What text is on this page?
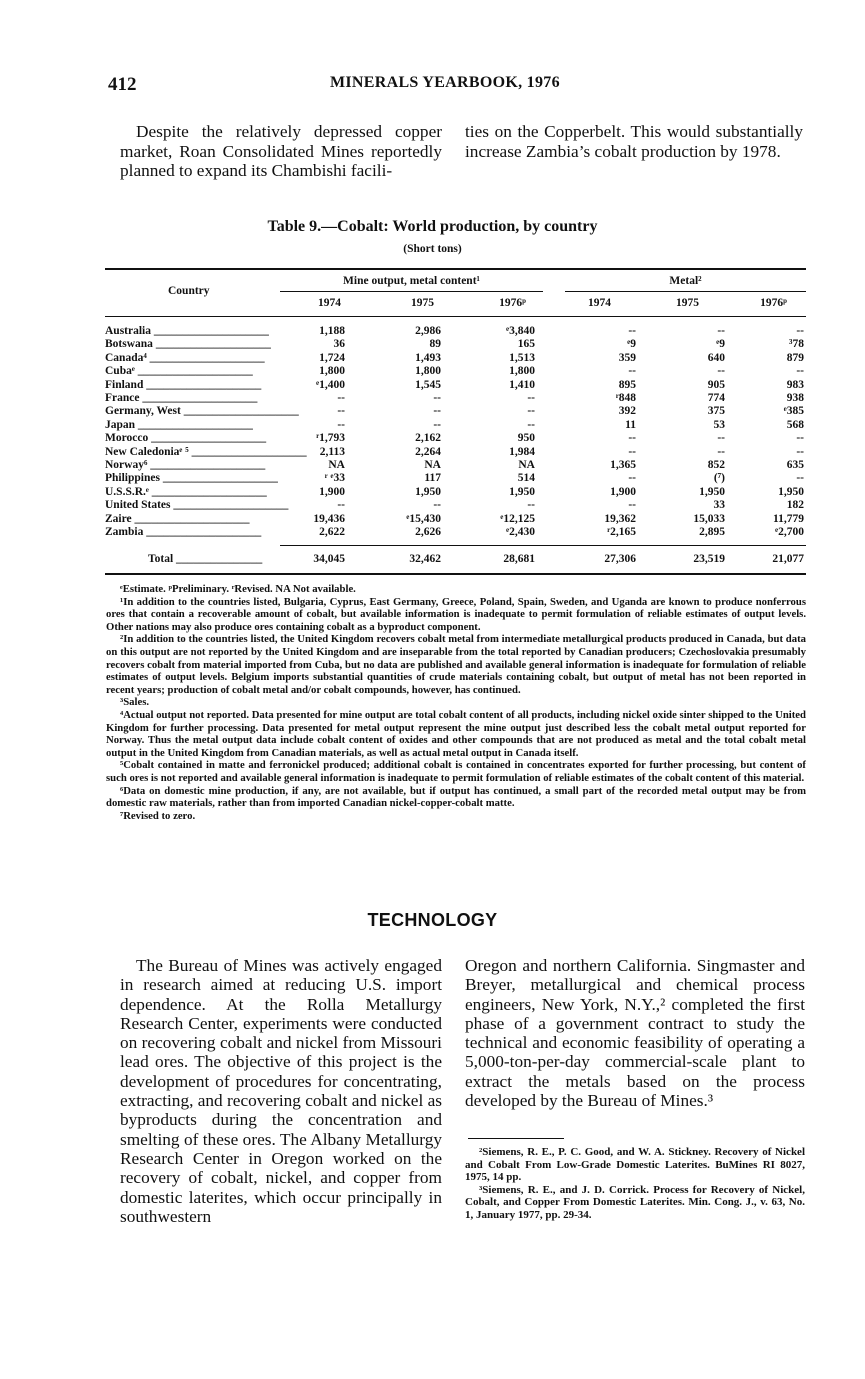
412	MINERALS YEARBOOK, 1976

Despite the relatively depressed copper market, Roan Consolidated Mines reportedly planned to expand its Chambishi facili-

ties on the Copperbelt. This would substantially increase Zambia’s cobalt production by 1978.

Table 9.—Cobalt: World production, by country
(Short tons)
Country
Mine output, metal content¹	Metal²
1974	1975	1976ᵖ	1974	1975	1976ᵖ
Australia ____________________	1,188	2,986	ᵉ3,840	--	--	--
Botswana ____________________	36	89	165	ᵉ9	ᵉ9	³78
Canada⁴ ____________________	1,724	1,493	1,513	359	640	879
Cubaᵉ ____________________	1,800	1,800	1,800	--	--	--
Finland ____________________	ᵉ1,400	1,545	1,410	895	905	983
France ____________________	--	--	--	ʳ848	774	938
Germany, West ____________________	--	--	--	392	375	ᵉ385
Japan ____________________	--	--	--	11	53	568
Morocco ____________________	ʳ1,793	2,162	950	--	--	--
New Caledoniaᵉ ⁵ ____________________	2,113	2,264	1,984	--	--	--
Norway⁶ ____________________	NA	NA	NA	1,365	852	635
Philippines ____________________	ʳ ᵉ33	117	514	--	(⁷)	--
U.S.S.R.ᵉ ____________________	1,900	1,950	1,950	1,900	1,950	1,950
United States ____________________	--	--	--	--	33	182
Zaire ____________________	19,436	ᵉ15,430	ᵉ12,125	19,362	15,033	11,779
Zambia ____________________	2,622	2,626	ᵉ2,430	ʳ2,165	2,895	ᵉ2,700
Total _______________	34,045	32,462	28,681	27,306	23,519	21,077

ᵉEstimate. ᵖPreliminary. ʳRevised. NA Not available.

¹In addition to the countries listed, Bulgaria, Cyprus, East Germany, Greece, Poland, Spain, Sweden, and Uganda are known to produce nonferrous ores that contain a recoverable amount of cobalt, but available information is inadequate to permit formulation of reliable estimates of output levels. Other nations may also produce ores containing cobalt as a byproduct component.

²In addition to the countries listed, the United Kingdom recovers cobalt metal from intermediate metallurgical products produced in Canada, but data on this output are not reported by the United Kingdom and are inseparable from the total reported by Canadian producers; Czechoslovakia presumably recovers cobalt from material imported from Cuba, but no data are published and available general information is inadequate for formulation of reliable estimates of output levels. Belgium imports substantial quantities of crude materials containing cobalt, but output of metal has not been reported in recent years; production of cobalt metal and/or cobalt compounds, however, has continued.

³Sales.

⁴Actual output not reported. Data presented for mine output are total cobalt content of all products, including nickel oxide sinter shipped to the United Kingdom for further processing. Data presented for metal output represent the mine output just described less the cobalt metal output reported for Norway. Thus the metal output data include cobalt content of oxides and other compounds that are not produced as metal and the total cobalt metal output in the United Kingdom from Canadian materials, as well as actual metal output in Canada itself.

⁵Cobalt contained in matte and ferronickel produced; additional cobalt is contained in concentrates exported for further processing, but content of such ores is not reported and available general information is inadequate to permit formulation of reliable estimates of the cobalt content of this material.

⁶Data on domestic mine production, if any, are not available, but if output has continued, a small part of the recorded metal output may be from domestic raw materials, rather than from imported Canadian nickel-copper-cobalt matte.

⁷Revised to zero.

TECHNOLOGY

The Bureau of Mines was actively engaged in research aimed at reducing U.S. import dependence. At the Rolla Metallurgy Research Center, experiments were conducted on recovering cobalt and nickel from Missouri lead ores. The objective of this project is the development of procedures for concentrating, extracting, and recovering cobalt and nickel as byproducts during the concentration and smelting of these ores. The Albany Metallurgy Research Center in Oregon worked on the recovery of cobalt, nickel, and copper from domestic laterites, which occur principally in southwestern

Oregon and northern California. Singmaster and Breyer, metallurgical and chemical process engineers, New York, N.Y.,² completed the first phase of a government contract to study the technical and economic feasibility of operating a 5,000-ton-per-day commercial-scale plant to extract the metals based on the process developed by the Bureau of Mines.³

²Siemens, R. E., P. C. Good, and W. A. Stickney. Recovery of Nickel and Cobalt From Low-Grade Domestic Laterites. BuMines RI 8027, 1975, 14 pp.

³Siemens, R. E., and J. D. Corrick. Process for Recovery of Nickel, Cobalt, and Copper From Domestic Laterites. Min. Cong. J., v. 63, No. 1, January 1977, pp. 29-34.
